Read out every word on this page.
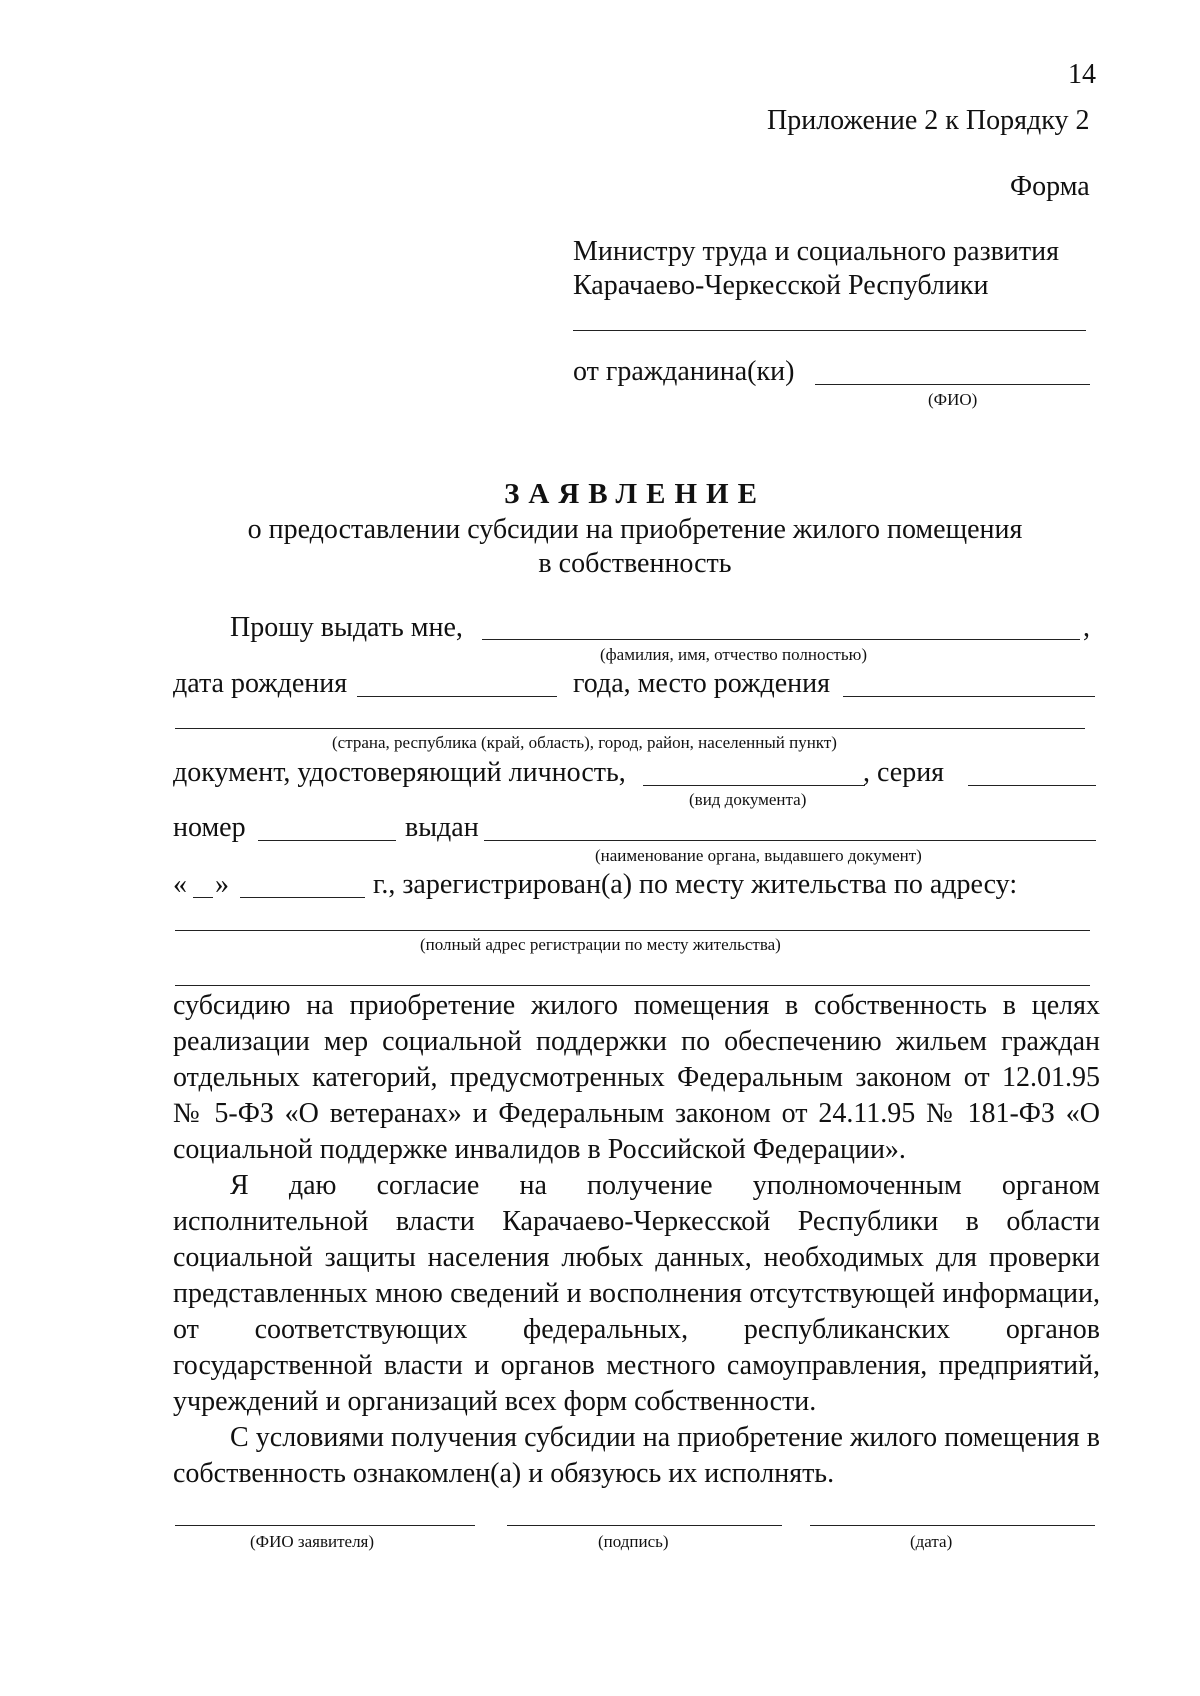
14
Приложение 2 к Порядку 2
Форма
Министру труда и социального развития
Карачаево-Черкесской Республики
от гражданина(ки)
(ФИО)
ЗАЯВЛЕНИЕ
о предоставлении субсидии на приобретение жилого помещения
в собственность
Прошу выдать мне,	,
(фамилия, имя, отчество полностью)
дата рождения	года, место рождения
(страна, республика (край, область), город, район, населенный пункт)
документ, удостоверяющий личность,	, серия
(вид документа)
номер	выдан
(наименование органа, выдавшего документ)
« »	г., зарегистрирован(а) по месту жительства по адресу:
(полный адрес регистрации по месту жительства)

субсидию на приобретение жилого помещения в собственность в целях реализации мер социальной поддержки по обеспечению жильем граждан отдельных категорий, предусмотренных Федеральным законом от 12.01.95 № 5-ФЗ «О ветеранах» и Федеральным законом от 24.11.95 № 181-ФЗ «О социальной поддержке инвалидов в Российской Федерации».

Я даю согласие на получение уполномоченным органом исполнительной власти Карачаево-Черкесской Республики в области социальной защиты населения любых данных, необходимых для проверки представленных мною сведений и восполнения отсутствующей информации, от соответствующих федеральных, республиканских органов государственной власти и органов местного самоуправления, предприятий, учреждений и организаций всех форм собственности.

С условиями получения субсидии на приобретение жилого помещения в собственность ознакомлен(а) и обязуюсь их исполнять.

(ФИО заявителя)	(подпись)	(дата)
